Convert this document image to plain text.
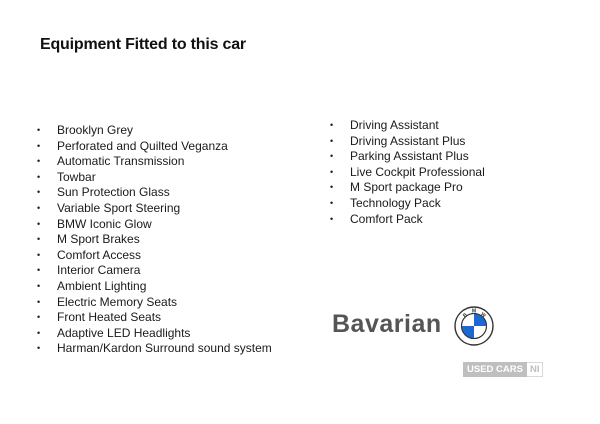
Equipment Fitted to this car
• Brooklyn Grey
• Perforated and Quilted Veganza
• Automatic Transmission
• Towbar
• Sun Protection Glass
• Variable Sport Steering
• BMW Iconic Glow
• M Sport Brakes
• Comfort Access
• Interior Camera
• Ambient Lighting
• Electric Memory Seats
• Front Heated Seats
• Adaptive LED Headlights
• Harman/Kardon Surround sound system
• Driving Assistant
• Driving Assistant Plus
• Parking Assistant Plus
• Live Cockpit Professional
• M Sport package Pro
• Technology Pack
• Comfort Pack
Bavarian	B
M
W
USED CARS NI
